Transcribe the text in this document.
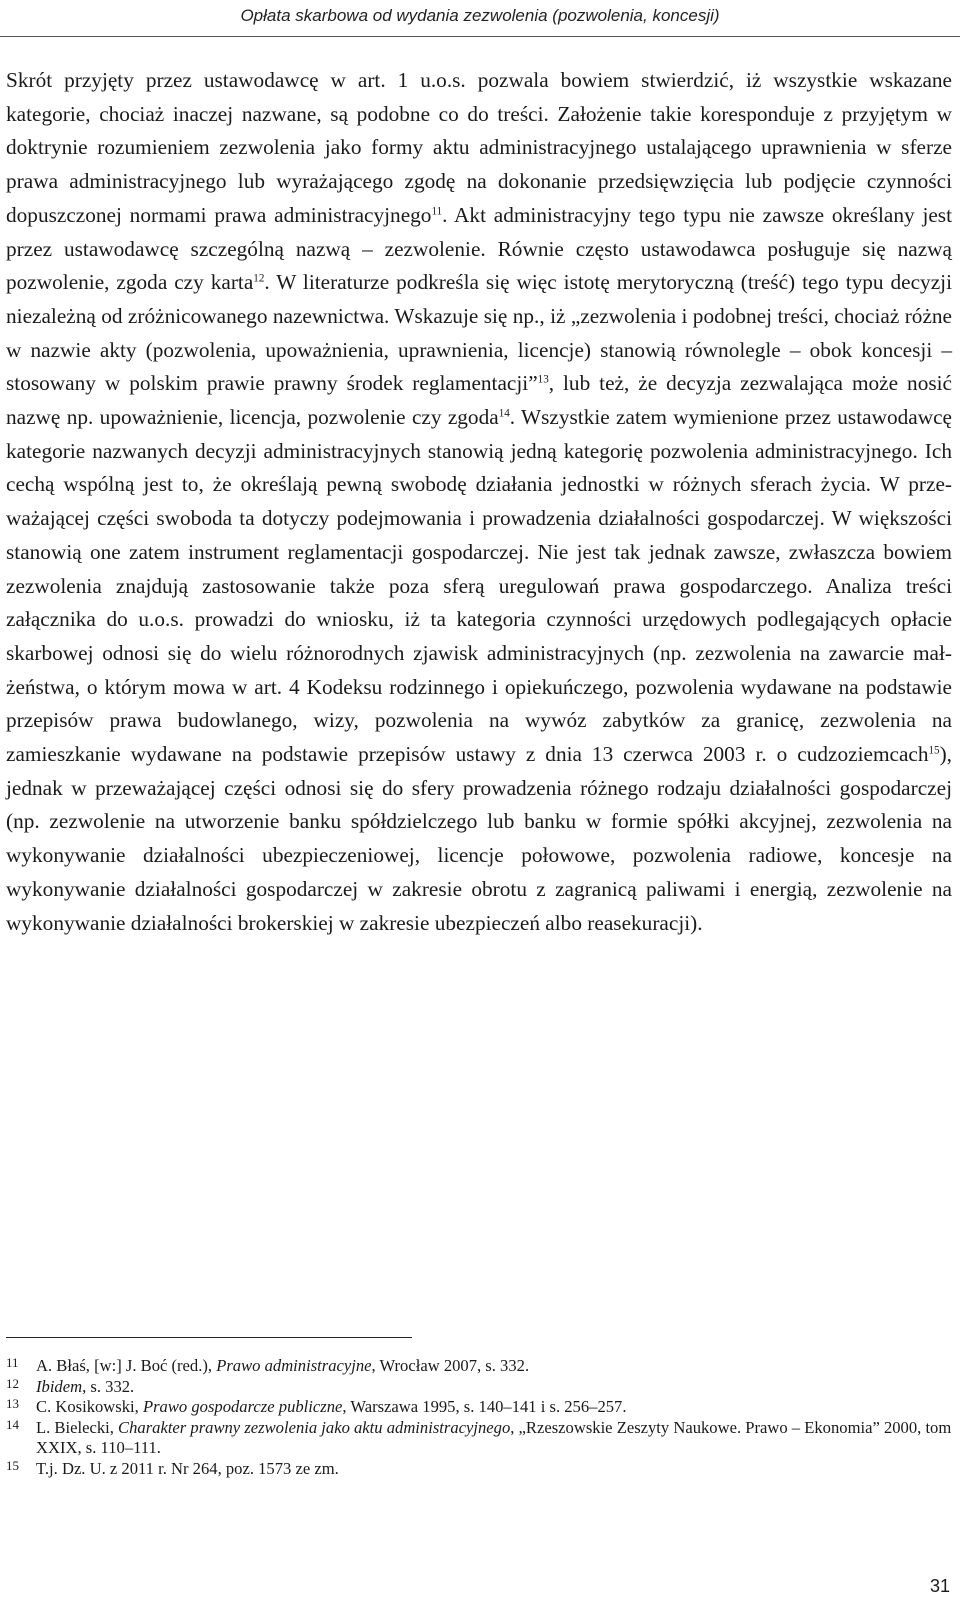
Opłata skarbowa od wydania zezwolenia (pozwolenia, koncesji)

Skrót przyjęty przez ustawodawcę w art. 1 u.o.s. pozwala bowiem stwierdzić, iż wszystkie wskazane kategorie, chociaż inaczej nazwane, są podobne co do treści. Założenie takie koresponduje z przyjętym w doktrynie rozumieniem zezwolenia jako formy aktu administracyjnego ustalającego uprawnienia w sferze prawa administracyjnego lub wyrażającego zgodę na dokonanie przedsięwzięcia lub podjęcie czynności dopuszczonej normami prawa administracyjnego$^{11}$. Akt administracyjny tego typu nie zawsze określany jest przez ustawodawcę szczególną nazwą – zezwolenie. Równie często ustawodawca posługuje się nazwą pozwolenie, zgoda czy karta$^{12}$. W literaturze podkreśla się więc istotę merytoryczną (treść) tego typu decyzji niezależną od zróżnicowanego nazewnictwa. Wskazuje się np., iż „zezwolenia i podobnej treści, chociaż różne w nazwie akty (pozwolenia, upoważnienia, uprawnienia, licencje) stanowią równolegle – obok koncesji – stosowany w polskim prawie prawny środek reglamentacji”$^{13}$, lub też, że decyzja zezwalająca może nosić nazwę np. upoważnienie, licencja, pozwolenie czy zgoda$^{14}$. Wszystkie zatem wymienione przez ustawodawcę kategorie nazwanych decyzji administracyjnych stanowią jedną kategorię pozwolenia administracyjnego. Ich cechą wspólną jest to, że określają pewną swobodę działania jednostki w różnych sferach życia. W przeważającej części swoboda ta dotyczy podejmowania i prowadzenia działalności gospodarczej. W większości stanowią one zatem instrument reglamentacji gospodarczej. Nie jest tak jednak zawsze, zwłaszcza bowiem zezwolenia znajdują zastosowanie także poza sferą uregulowań prawa gospodarczego. Analiza treści załącznika do u.o.s. prowadzi do wniosku, iż ta kategoria czynności urzędowych podlegających opłacie skarbowej odnosi się do wielu różnorodnych zjawisk administracyjnych (np. zezwolenia na zawarcie małżeństwa, o którym mowa w art. 4 Kodeksu rodzinnego i opiekuńczego, pozwolenia wydawane na podstawie przepisów prawa budowlanego, wizy, pozwolenia na wywóz zabytków za granicę, zezwolenia na zamieszkanie wydawane na podstawie przepisów ustawy z dnia 13 czerwca 2003 r. o cudzoziemcach$^{15}$), jednak w przeważającej części odnosi się do sfery prowadzenia różnego rodzaju działalności gospodarczej (np. zezwolenie na utworzenie banku spółdzielczego lub banku w formie spółki akcyjnej, zezwolenia na wykonywanie działalności ubezpieczeniowej, licencje połowowe, pozwolenia radiowe, koncesje na wykonywanie działalności gospodarczej w zakresie obrotu z zagranicą paliwami i energią, zezwolenie na wykonywanie działalności brokerskiej w zakresie ubezpieczeń albo reasekuracji).

11 A. Błaś, [w:] J. Boć (red.), Prawo administracyjne, Wrocław 2007, s. 332.
12 Ibidem, s. 332.
13 C. Kosikowski, Prawo gospodarcze publiczne, Warszawa 1995, s. 140–141 i s. 256–257.
14 L. Bielecki, Charakter prawny zezwolenia jako aktu administracyjnego, „Rzeszowskie Zeszyty Naukowe. Prawo – Ekonomia” 2000, tom XXIX, s. 110–111.
15 T.j. Dz. U. z 2011 r. Nr 264, poz. 1573 ze zm.
31
